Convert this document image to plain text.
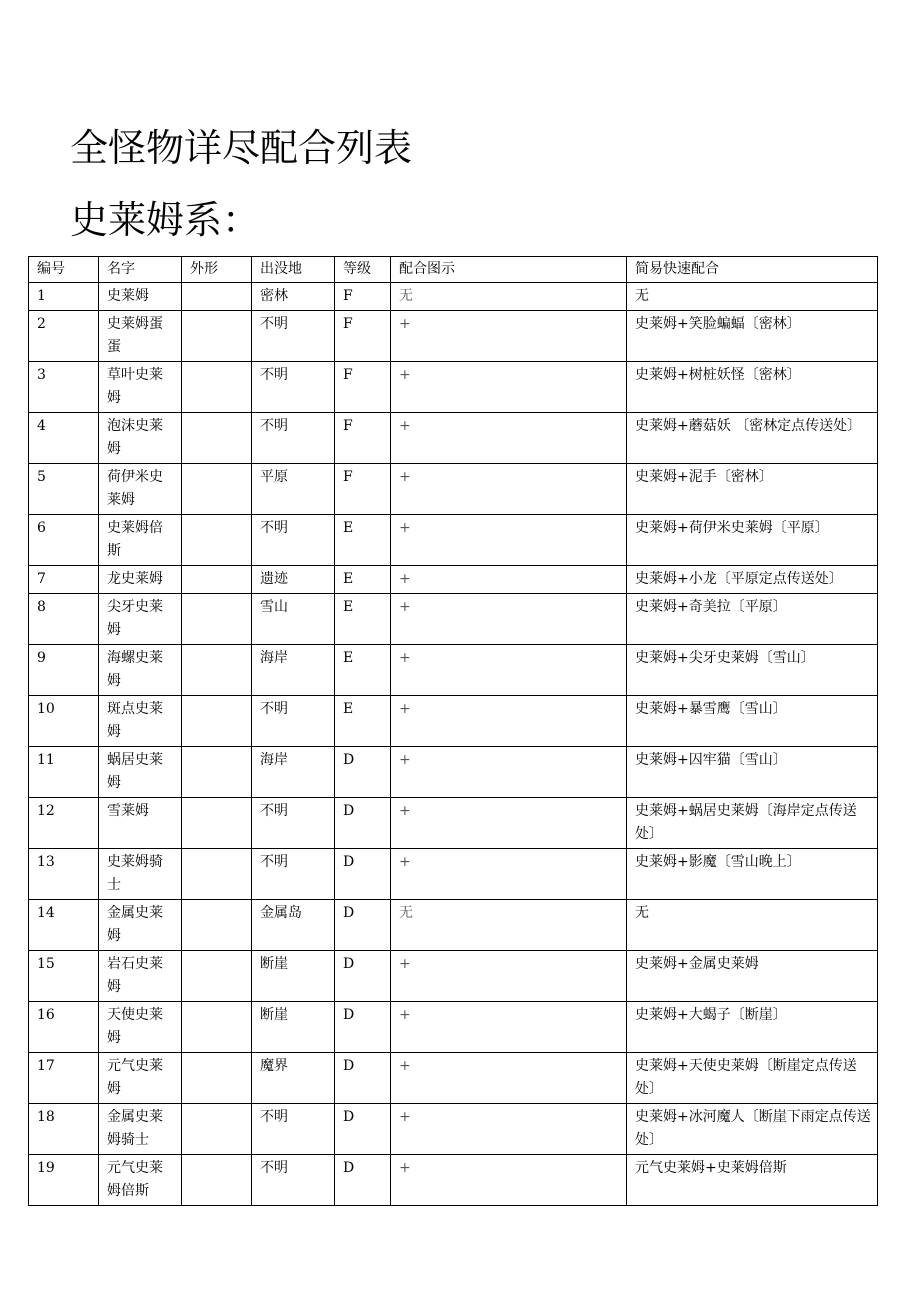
全怪物详尽配合列表
史莱姆系：
编号	名字	外形	出没地	等级	配合图示	简易快速配合
1	史莱姆		密林	F	无	无
2	史莱姆蛋蛋		不明	F	+	史莱姆+笑脸蝙蝠〔密林〕
3	草叶史莱姆		不明	F	+	史莱姆+树桩妖怪〔密林〕
4	泡沫史莱姆		不明	F	+	史莱姆+蘑菇妖 〔密林定点传送处〕
5	荷伊米史莱姆		平原	F	+	史莱姆+泥手〔密林〕
6	史莱姆倍斯		不明	E	+	史莱姆+荷伊米史莱姆〔平原〕
7	龙史莱姆		遗迹	E	+	史莱姆+小龙〔平原定点传送处〕
8	尖牙史莱姆		雪山	E	+	史莱姆+奇美拉〔平原〕
9	海螺史莱姆		海岸	E	+	史莱姆+尖牙史莱姆〔雪山〕
10	斑点史莱姆		不明	E	+	史莱姆+暴雪鹰〔雪山〕
11	蜗居史莱姆		海岸	D	+	史莱姆+囚牢猫〔雪山〕
12	雪莱姆		不明	D	+	史莱姆+蜗居史莱姆〔海岸定点传送处〕
13	史莱姆骑士		不明	D	+	史莱姆+影魔〔雪山晚上〕
14	金属史莱姆		金属岛	D	无	无
15	岩石史莱姆		断崖	D	+	史莱姆+金属史莱姆
16	天使史莱姆		断崖	D	+	史莱姆+大蝎子〔断崖〕
17	元气史莱姆		魔界	D	+	史莱姆+天使史莱姆〔断崖定点传送处〕
18	金属史莱姆骑士		不明	D	+	史莱姆+冰河魔人〔断崖下雨定点传送处〕
19	元气史莱姆倍斯		不明	D	+	元气史莱姆+史莱姆倍斯
